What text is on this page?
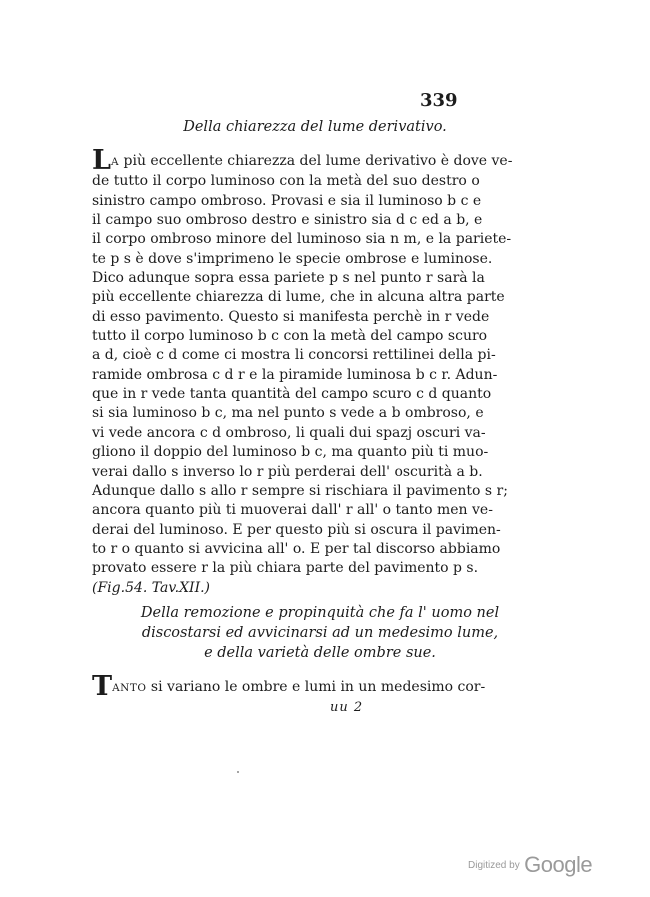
339
Della chiarezza del lume derivativo.
LA più eccellente chiarezza del lume derivativo è dove ve-
de tutto il corpo luminoso con la metà del suo destro o
sinistro campo ombroso. Provasi e sia il luminoso b c e
il campo suo ombroso destro e sinistro sia d c ed a b, e
il corpo ombroso minore del luminoso sia n m, e la pariete-
te p s è dove s'imprimeno le specie ombrose e luminose.
Dico adunque sopra essa pariete p s nel punto r sarà la
più eccellente chiarezza di lume, che in alcuna altra parte
di esso pavimento. Questo si manifesta perchè in r vede
tutto il corpo luminoso b c con la metà del campo scuro
a d, cioè c d come ci mostra li concorsi rettilinei della pi-
ramide ombrosa c d r e la piramide luminosa b c r. Adun-
que in r vede tanta quantità del campo scuro c d quanto
si sia luminoso b c, ma nel punto s vede a b ombroso, e
vi vede ancora c d ombroso, li quali dui spazj oscuri va-
gliono il doppio del luminoso b c, ma quanto più ti muo-
verai dallo s inverso lo r più perderai dell' oscurità a b.
Adunque dallo s allo r sempre si rischiara il pavimento s r;
ancora quanto più ti muoverai dall' r all' o tanto men ve-
derai del luminoso. E per questo più si oscura il pavimen-
to r o quanto si avvicina all' o. E per tal discorso abbiamo
provato essere r la più chiara parte del pavimento p s.
(Fig.54. Tav.XII.)
Della remozione e propinquità che fa l' uomo nel
discostarsi ed avvicinarsi ad un medesimo lume,
e della varietà delle ombre sue.
TANTO si variano le ombre e lumi in un medesimo cor-
uu 2
$^{Digitized by}$ Google
